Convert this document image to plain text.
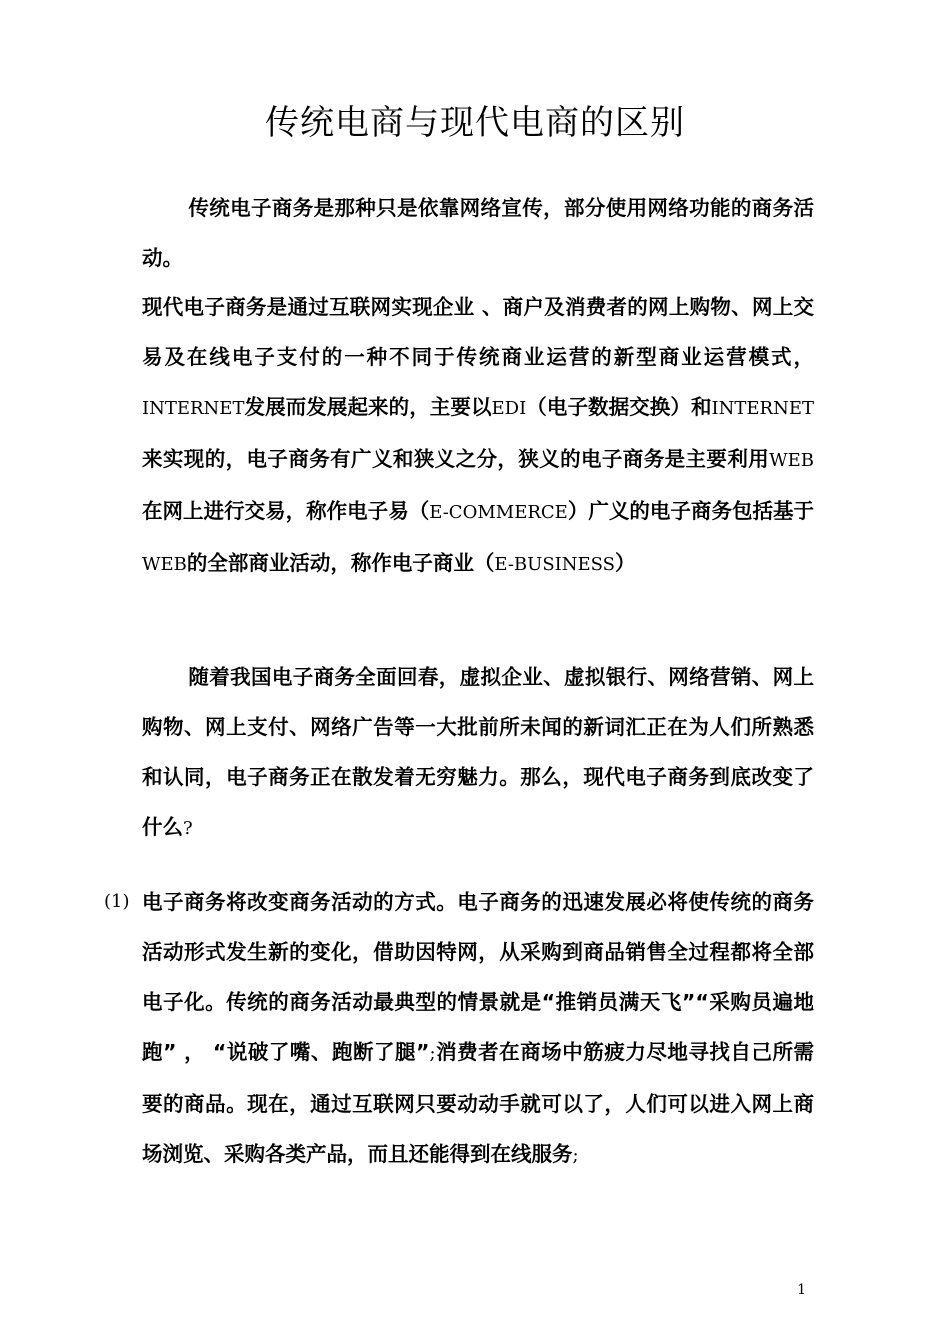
传统电商与现代电商的区别

传统电子商务是那种只是依靠网络宣传，部分使用网络功能的商务活动。

现代电子商务是通过互联网实现企业 、商户及消费者的网上购物、网上交易及在线电子支付的一种不同于传统商业运营的新型商业运营模式，INTERNET发展而发展起来的，主要以EDI（电子数据交换）和INTERNET来实现的，电子商务有广义和狭义之分，狭义的电子商务是主要利用WEB在网上进行交易，称作电子易（E-COMMERCE）广义的电子商务包括基于WEB的全部商业活动，称作电子商业（E-BUSINESS）

随着我国电子商务全面回春，虚拟企业、虚拟银行、网络营销、网上购物、网上支付、网络广告等一大批前所未闻的新词汇正在为人们所熟悉和认同，电子商务正在散发着无穷魅力。那么，现代电子商务到底改变了什么?

(1) 电子商务将改变商务活动的方式。电子商务的迅速发展必将使传统的商务活动形式发生新的变化，借助因特网，从采购到商品销售全过程都将全部电子化。传统的商务活动最典型的情景就是“推销员满天飞”“采购员遍地跑” ， “说破了嘴、跑断了腿”;消费者在商场中筋疲力尽地寻找自己所需要的商品。现在，通过互联网只要动动手就可以了，人们可以进入网上商场浏览、采购各类产品，而且还能得到在线服务;

1
